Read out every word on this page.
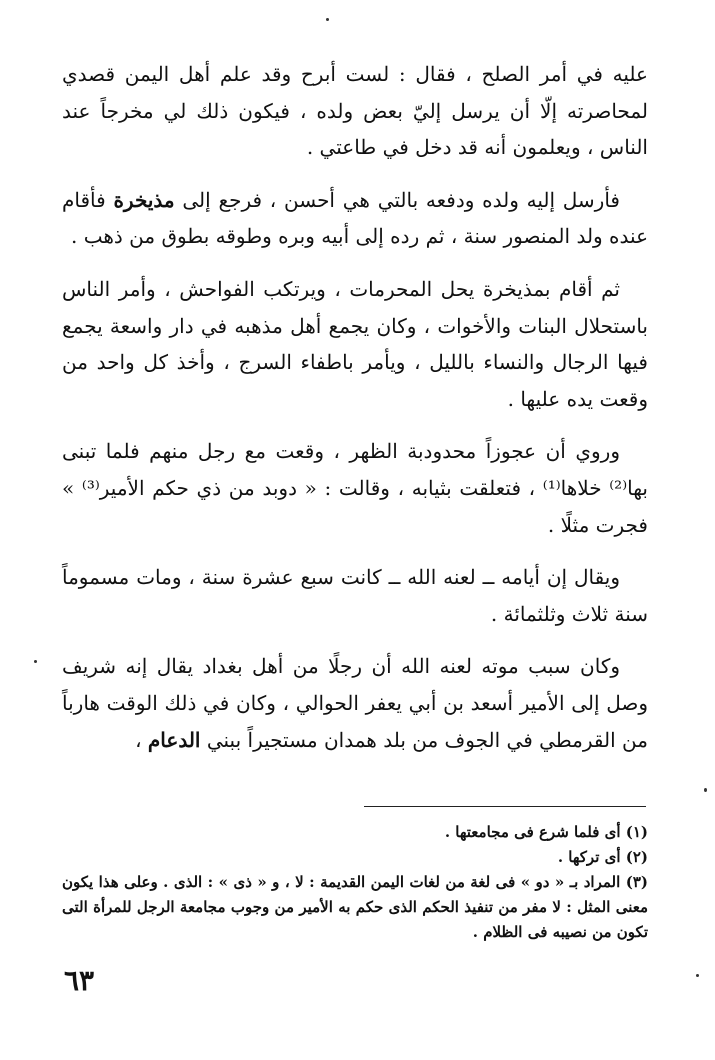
عليه في أمر الصلح ، فقال : لست أبرح وقد علم أهل اليمن قصدي لمحاصرته إلّا أن يرسل إليّ بعض ولده ، فيكون ذلك لي مخرجاً عند الناس ، ويعلمون أنه قد دخل في طاعتي .

فأرسل إليه ولده ودفعه بالتي هي أحسن ، فرجع إلى مذيخرة فأقام عنده ولد المنصور سنة ، ثم رده إلى أبيه وبره وطوقه بطوق من ذهب .

ثم أقام بمذيخرة يحل المحرمات ، ويرتكب الفواحش ، وأمر الناس باستحلال البنات والأخوات ، وكان يجمع أهل مذهبه في دار واسعة يجمع فيها الرجال والنساء بالليل ، ويأمر باطفاء السرج ، وأخذ كل واحد من وقعت يده عليها .

وروي أن عجوزاً محدودبة الظهر ، وقعت مع رجل منهم فلما تبنى بها⁽²⁾ خلاها⁽¹⁾ ، فتعلقت بثيابه ، وقالت : « دوبد من ذي حكم الأمير⁽³⁾ » فجرت مثلًا .

ويقال إن أيامه ــ لعنه الله ــ كانت سبع عشرة سنة ، ومات مسموماً سنة ثلاث وثلثمائة .

وكان سبب موته لعنه الله أن رجلًا من أهل بغداد يقال إنه شريف وصل إلى الأمير أسعد بن أبي يعفر الحوالي ، وكان في ذلك الوقت هارباً من القرمطي في الجوف من بلد همدان مستجيراً ببني الدعام ،

(١) أى فلما شرع فى مجامعتها .

(٢) أى تركها .

(٣) المراد بـ « دو » فى لغة من لغات اليمن القديمة : لا ، و « ذى » : الذى . وعلى هذا يكون معنى المثل : لا مفر من تنفيذ الحكم الذى حكم به الأمير من وجوب مجامعة الرجل للمرأة التى تكون من نصيبه فى الظلام .

٦٣
